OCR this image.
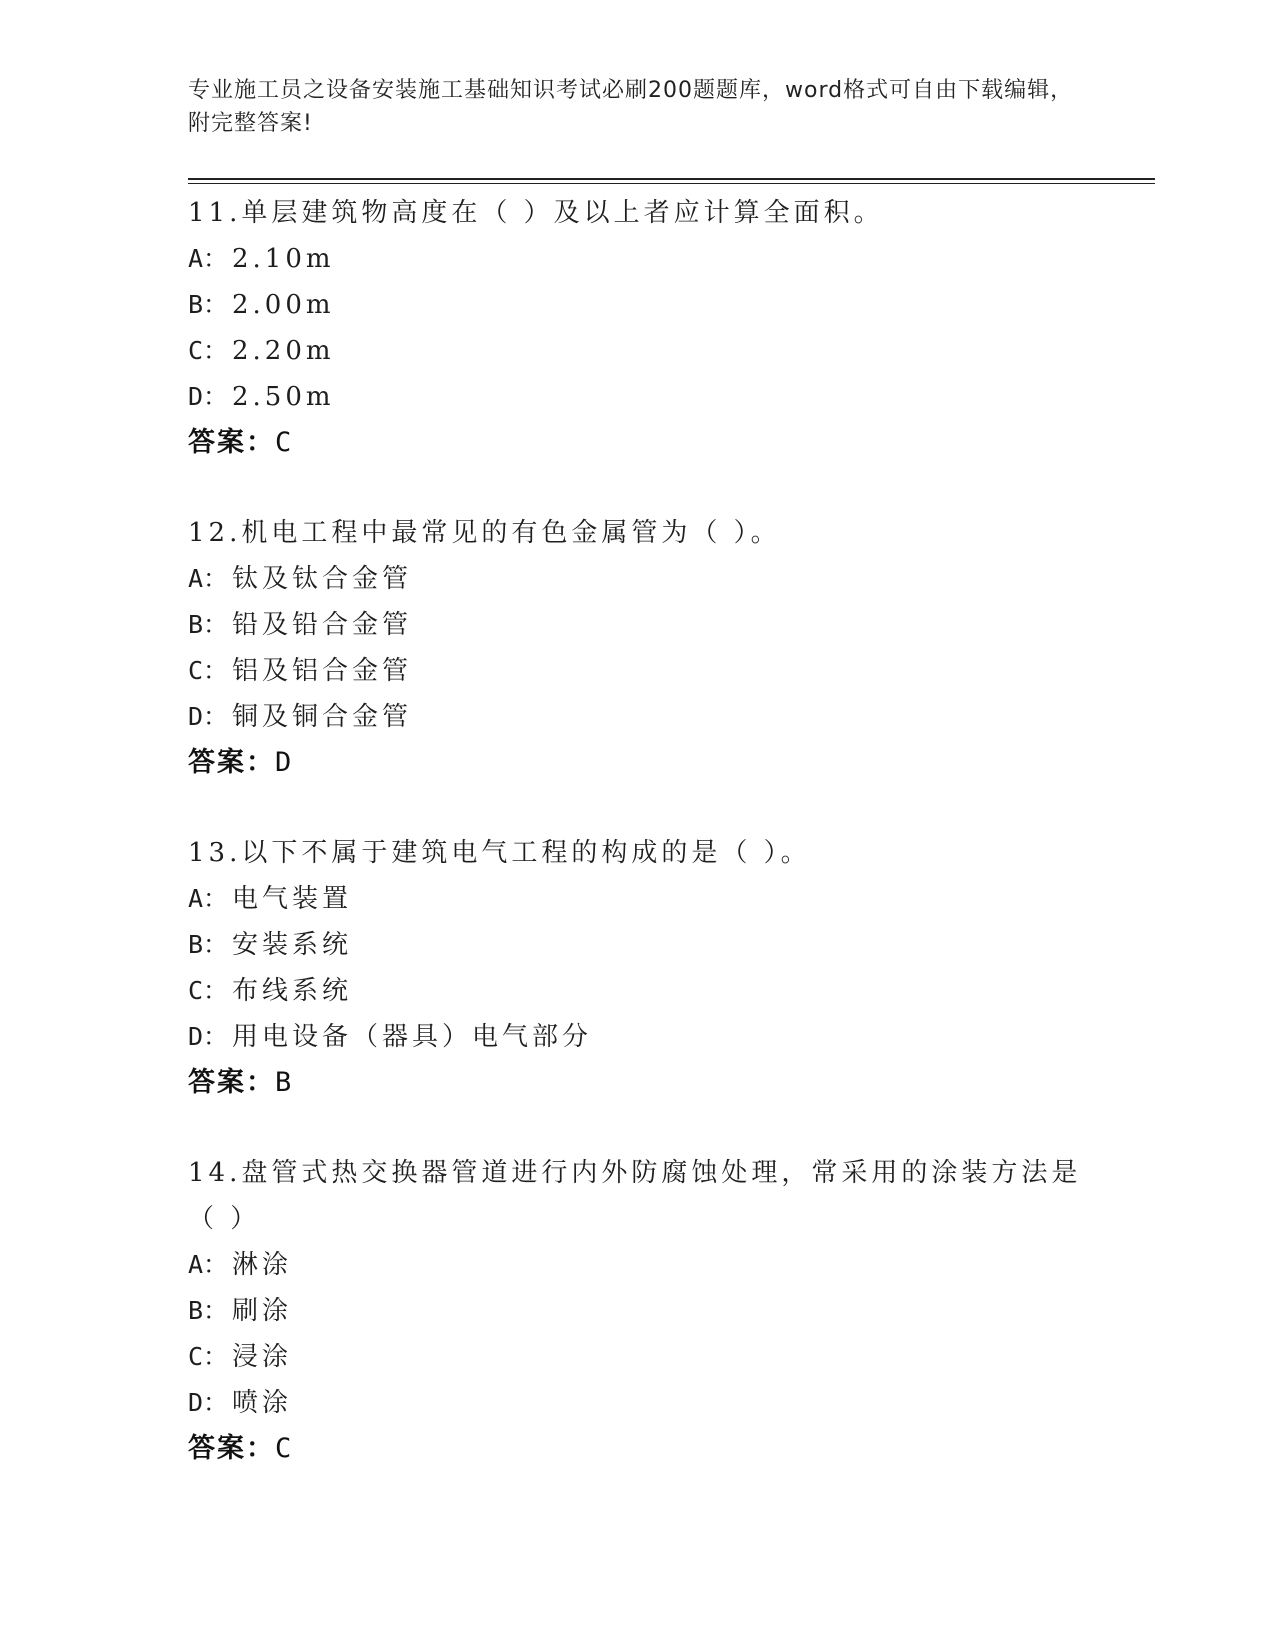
专业施工员之设备安装施工基础知识考试必刷200题题库，word格式可自由下载编辑，附完整答案!
11.单层建筑物高度在（ ）及以上者应计算全面积。
A： 2.10m
B： 2.00m
C： 2.20m
D： 2.50m
答案：C
12.机电工程中最常见的有色金属管为（ ）。
A： 钛及钛合金管
B： 铅及铅合金管
C： 铝及铝合金管
D： 铜及铜合金管
答案：D
13.以下不属于建筑电气工程的构成的是（ ）。
A： 电气装置
B： 安装系统
C： 布线系统
D： 用电设备（器具）电气部分
答案：B
14.盘管式热交换器管道进行内外防腐蚀处理，常采用的涂装方法是（ ）
A： 淋涂
B： 刷涂
C： 浸涂
D： 喷涂
答案：C
